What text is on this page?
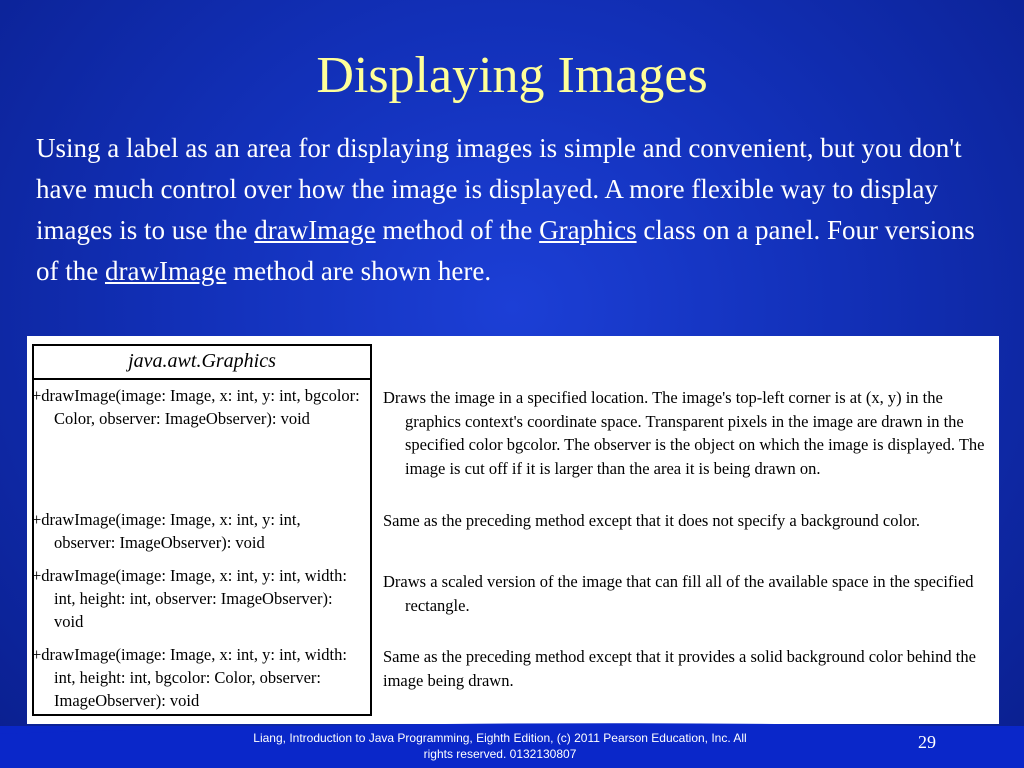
Displaying Images
Using a label as an area for displaying images is simple and convenient, but you don't have much control over how the image is displayed. A more flexible way to display images is to use the drawImage method of the Graphics class on a panel. Four versions of the drawImage method are shown here.
java.awt.Graphics
+drawImage(image: Image, x: int, y: int, bgcolor: Color, observer: ImageObserver): void
+drawImage(image: Image, x: int, y: int, observer: ImageObserver): void
+drawImage(image: Image, x: int, y: int, width: int, height: int, observer: ImageObserver): void
+drawImage(image: Image, x: int, y: int, width: int, height: int, bgcolor: Color, observer: ImageObserver): void
Draws the image in a specified location. The image's top-left corner is at (x, y) in the graphics context's coordinate space. Transparent pixels in the image are drawn in the specified color bgcolor. The observer is the object on which the image is displayed. The image is cut off if it is larger than the area it is being drawn on.
Same as the preceding method except that it does not specify a background color.
Draws a scaled version of the image that can fill all of the available space in the specified rectangle.
Same as the preceding method except that it provides a solid background color behind the image being drawn.
Liang, Introduction to Java Programming, Eighth Edition, (c) 2011 Pearson Education, Inc. All
rights reserved. 0132130807
29
